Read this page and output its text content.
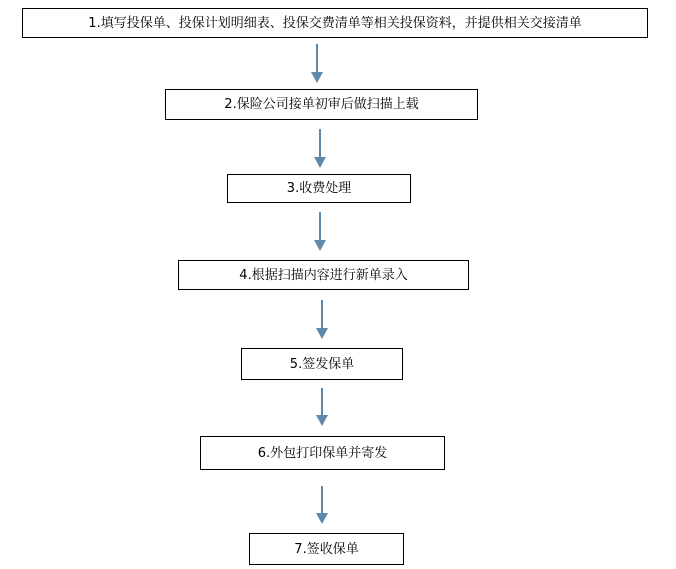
1.填写投保单、投保计划明细表、投保交费清单等相关投保资料，并提供相关交接清单
2.保险公司接单初审后做扫描上载
3.收费处理
4.根据扫描内容进行新单录入
5.签发保单
6.外包打印保单并寄发
7.签收保单
